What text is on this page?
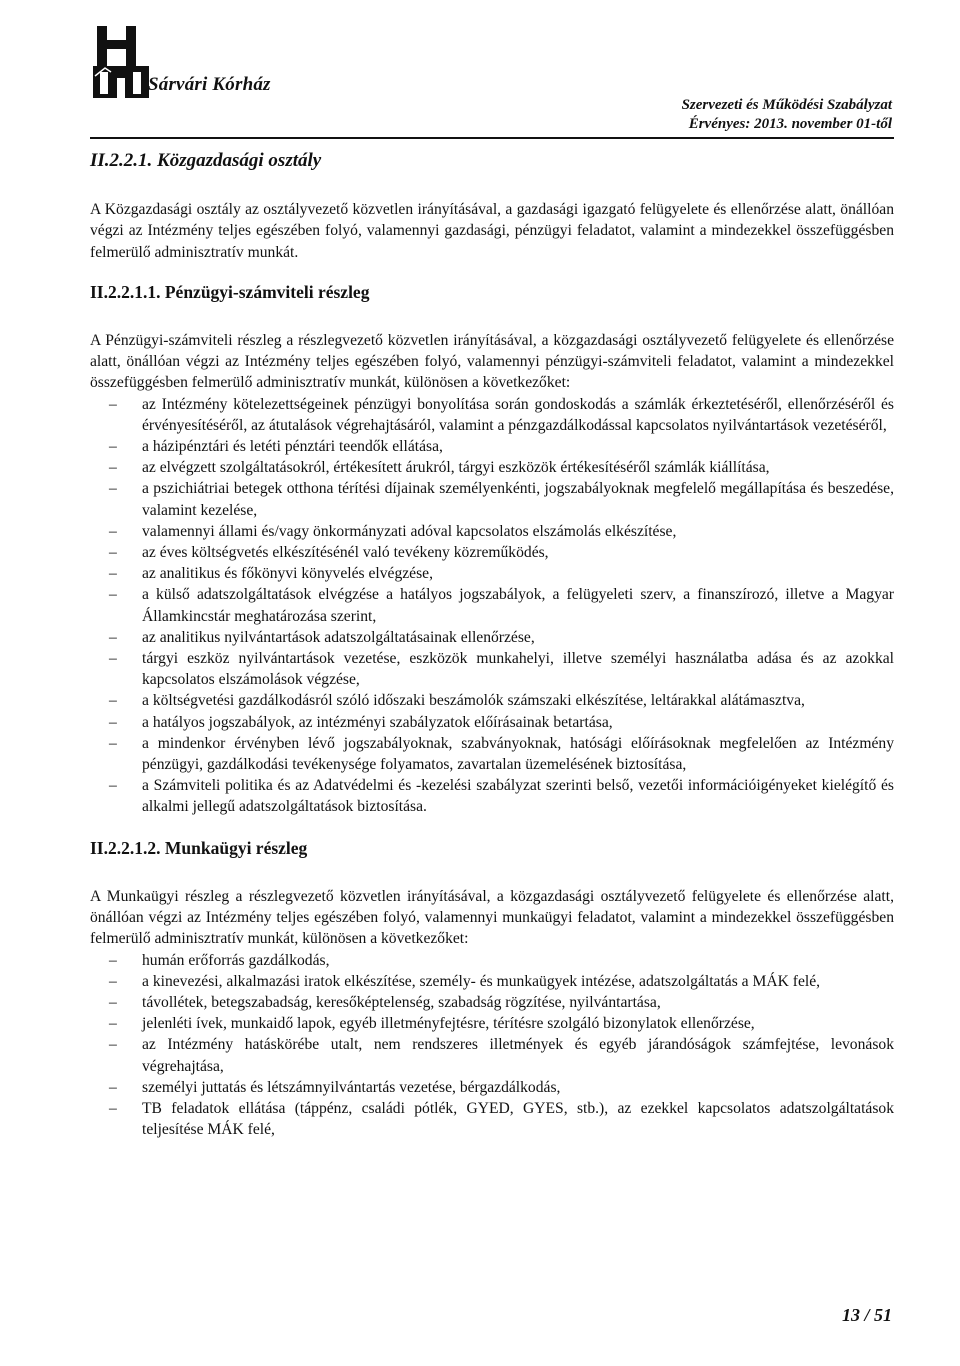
Sárvári Kórház
Szervezeti és Működési Szabályzat
Érvényes: 2013. november 01-től
II.2.2.1. Közgazdasági osztály

A Közgazdasági osztály az osztályvezető közvetlen irányításával, a gazdasági igazgató felügyelete és ellenőrzése alatt, önállóan végzi az Intézmény teljes egészében folyó, valamennyi gazdasági, pénzügyi feladatot, valamint a mindezekkel összefüggésben felmerülő adminisztratív munkát.

II.2.2.1.1. Pénzügyi-számviteli részleg

A Pénzügyi-számviteli részleg a részlegvezető közvetlen irányításával, a közgazdasági osztályvezető felügyelete és ellenőrzése alatt, önállóan végzi az Intézmény teljes egészében folyó, valamennyi pénzügyi-számviteli feladatot, valamint a mindezekkel összefüggésben felmerülő adminisztratív munkát, különösen a következőket:

– az Intézmény kötelezettségeinek pénzügyi bonyolítása során gondoskodás a számlák érkeztetéséről, ellenőrzéséről és érvényesítéséről, az átutalások végrehajtásáról, valamint a pénzgazdálkodással kapcsolatos nyilvántartások vezetéséről,
– a házipénztári és letéti pénztári teendők ellátása,
– az elvégzett szolgáltatásokról, értékesített árukról, tárgyi eszközök értékesítéséről számlák kiállítása,
– a pszichiátriai betegek otthona térítési díjainak személyenkénti, jogszabályoknak megfelelő megállapítása és beszedése, valamint kezelése,
– valamennyi állami és/vagy önkormányzati adóval kapcsolatos elszámolás elkészítése,
– az éves költségvetés elkészítésénél való tevékeny közreműködés,
– az analitikus és főkönyvi könyvelés elvégzése,
– a külső adatszolgáltatások elvégzése a hatályos jogszabályok, a felügyeleti szerv, a finanszírozó, illetve a Magyar Államkincstár meghatározása szerint,
– az analitikus nyilvántartások adatszolgáltatásainak ellenőrzése,
– tárgyi eszköz nyilvántartások vezetése, eszközök munkahelyi, illetve személyi használatba adása és az azokkal kapcsolatos elszámolások végzése,
– a költségvetési gazdálkodásról szóló időszaki beszámolók számszaki elkészítése, leltárakkal alátámasztva,
– a hatályos jogszabályok, az intézményi szabályzatok előírásainak betartása,
– a mindenkor érvényben lévő jogszabályoknak, szabványoknak, hatósági előírásoknak megfelelően az Intézmény pénzügyi, gazdálkodási tevékenysége folyamatos, zavartalan üzemelésének biztosítása,
– a Számviteli politika és az Adatvédelmi és -kezelési szabályzat szerinti belső, vezetői információigényeket kielégítő és alkalmi jellegű adatszolgáltatások biztosítása.
II.2.2.1.2. Munkaügyi részleg

A Munkaügyi részleg a részlegvezető közvetlen irányításával, a közgazdasági osztályvezető felügyelete és ellenőrzése alatt, önállóan végzi az Intézmény teljes egészében folyó, valamennyi munkaügyi feladatot, valamint a mindezekkel összefüggésben felmerülő adminisztratív munkát, különösen a következőket:

– humán erőforrás gazdálkodás,
– a kinevezési, alkalmazási iratok elkészítése, személy- és munkaügyek intézése, adatszolgáltatás a MÁK felé,
– távollétek, betegszabadság, keresőképtelenség, szabadság rögzítése, nyilvántartása,
– jelenléti ívek, munkaidő lapok, egyéb illetményfejtésre, térítésre szolgáló bizonylatok ellenőrzése,
– az Intézmény hatáskörébe utalt, nem rendszeres illetmények és egyéb járandóságok számfejtése, levonások végrehajtása,
– személyi juttatás és létszámnyilvántartás vezetése, bérgazdálkodás,
– TB feladatok ellátása (táppénz, családi pótlék, GYED, GYES, stb.), az ezekkel kapcsolatos adatszolgáltatások teljesítése MÁK felé,
13 / 51
